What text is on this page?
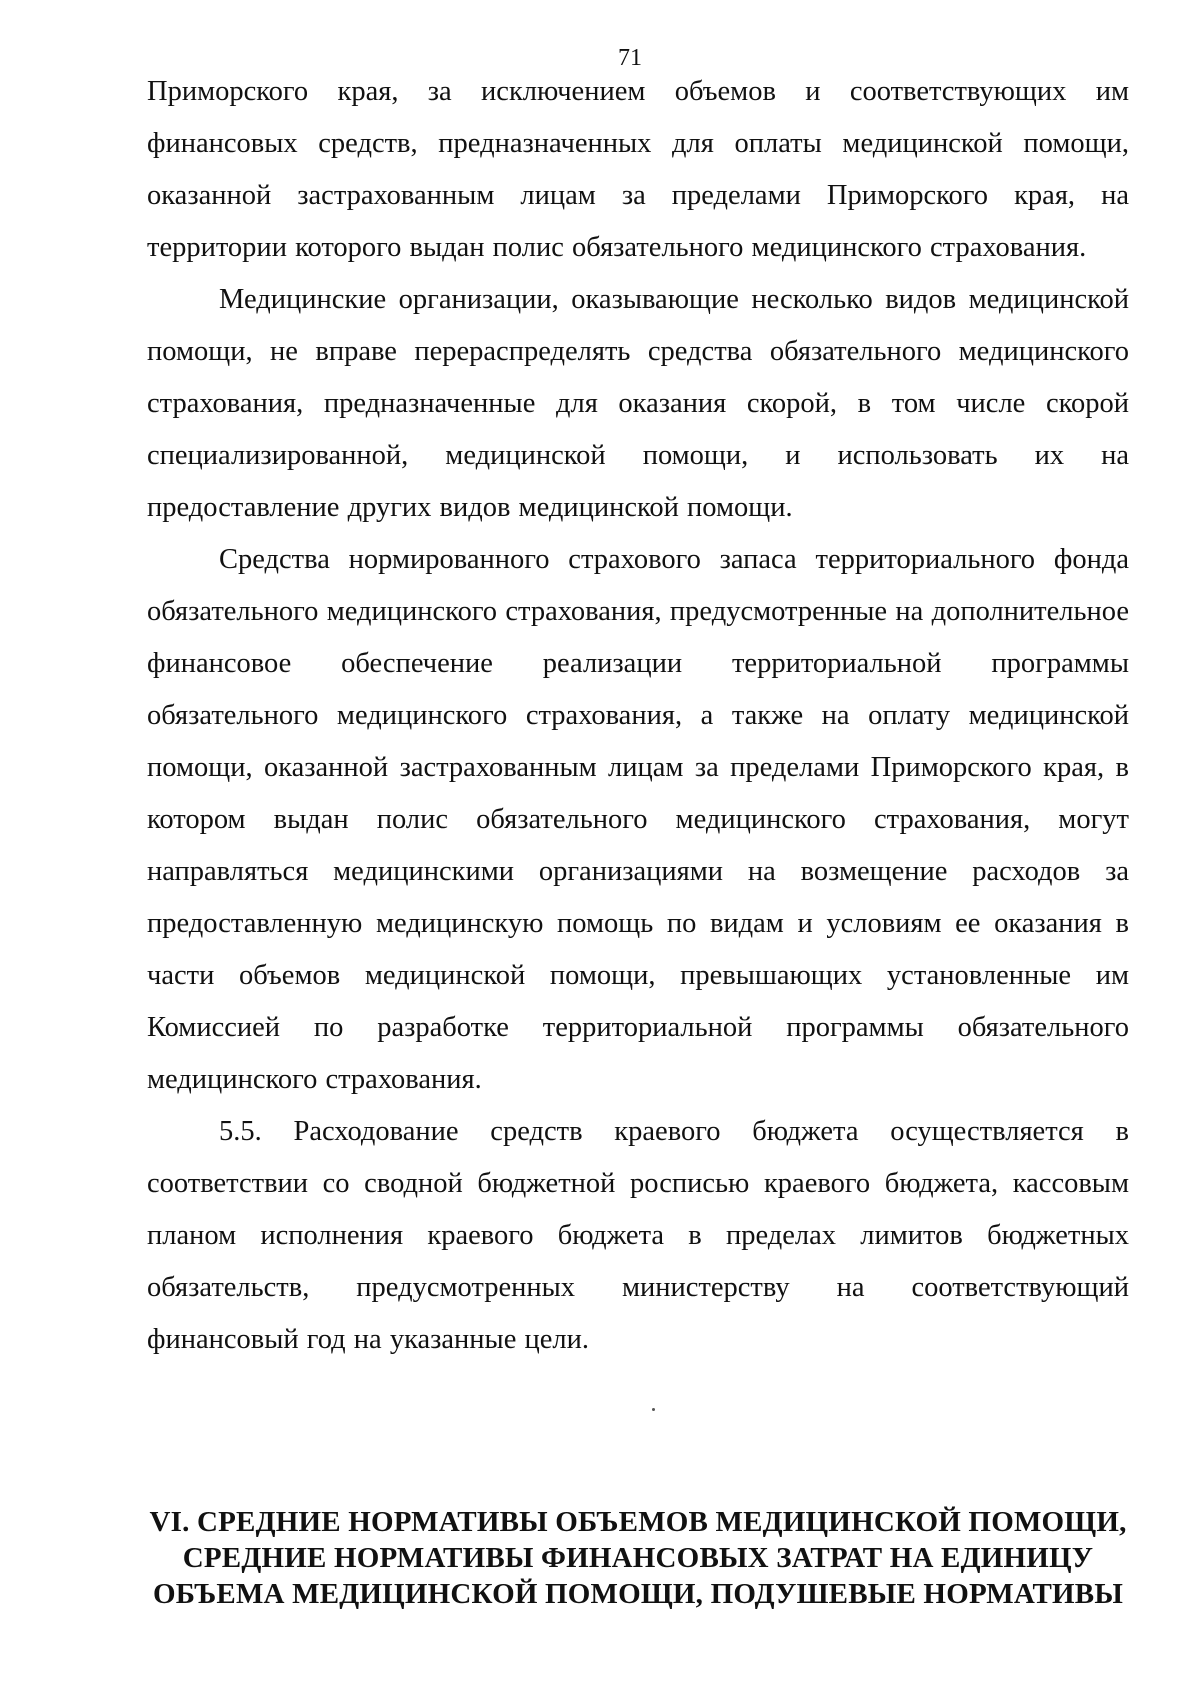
71

Приморского края, за исключением объемов и соответствующих им финансовых средств, предназначенных для оплаты медицинской помощи, оказанной застрахованным лицам за пределами Приморского края, на территории которого выдан полис обязательного медицинского страхования.

Медицинские организации, оказывающие несколько видов медицинской помощи, не вправе перераспределять средства обязательного медицинского страхования, предназначенные для оказания скорой, в том числе скорой специализированной, медицинской помощи, и использовать их на предоставление других видов медицинской помощи.

Средства нормированного страхового запаса территориального фонда обязательного медицинского страхования, предусмотренные на дополнительное финансовое обеспечение реализации территориальной программы обязательного медицинского страхования, а также на оплату медицинской помощи, оказанной застрахованным лицам за пределами Приморского края, в котором выдан полис обязательного медицинского страхования, могут направляться медицинскими организациями на возмещение расходов за предоставленную медицинскую помощь по видам и условиям ее оказания в части объемов медицинской помощи, превышающих установленные им Комиссией по разработке территориальной программы обязательного медицинского страхования.

5.5. Расходование средств краевого бюджета осуществляется в соответствии со сводной бюджетной росписью краевого бюджета, кассовым планом исполнения краевого бюджета в пределах лимитов бюджетных обязательств, предусмотренных министерству на соответствующий финансовый год на указанные цели.

VI. СРЕДНИЕ НОРМАТИВЫ ОБЪЕМОВ МЕДИЦИНСКОЙ ПОМОЩИ,
СРЕДНИЕ НОРМАТИВЫ ФИНАНСОВЫХ ЗАТРАТ НА ЕДИНИЦУ
ОБЪЕМА МЕДИЦИНСКОЙ ПОМОЩИ, ПОДУШЕВЫЕ НОРМАТИВЫ
